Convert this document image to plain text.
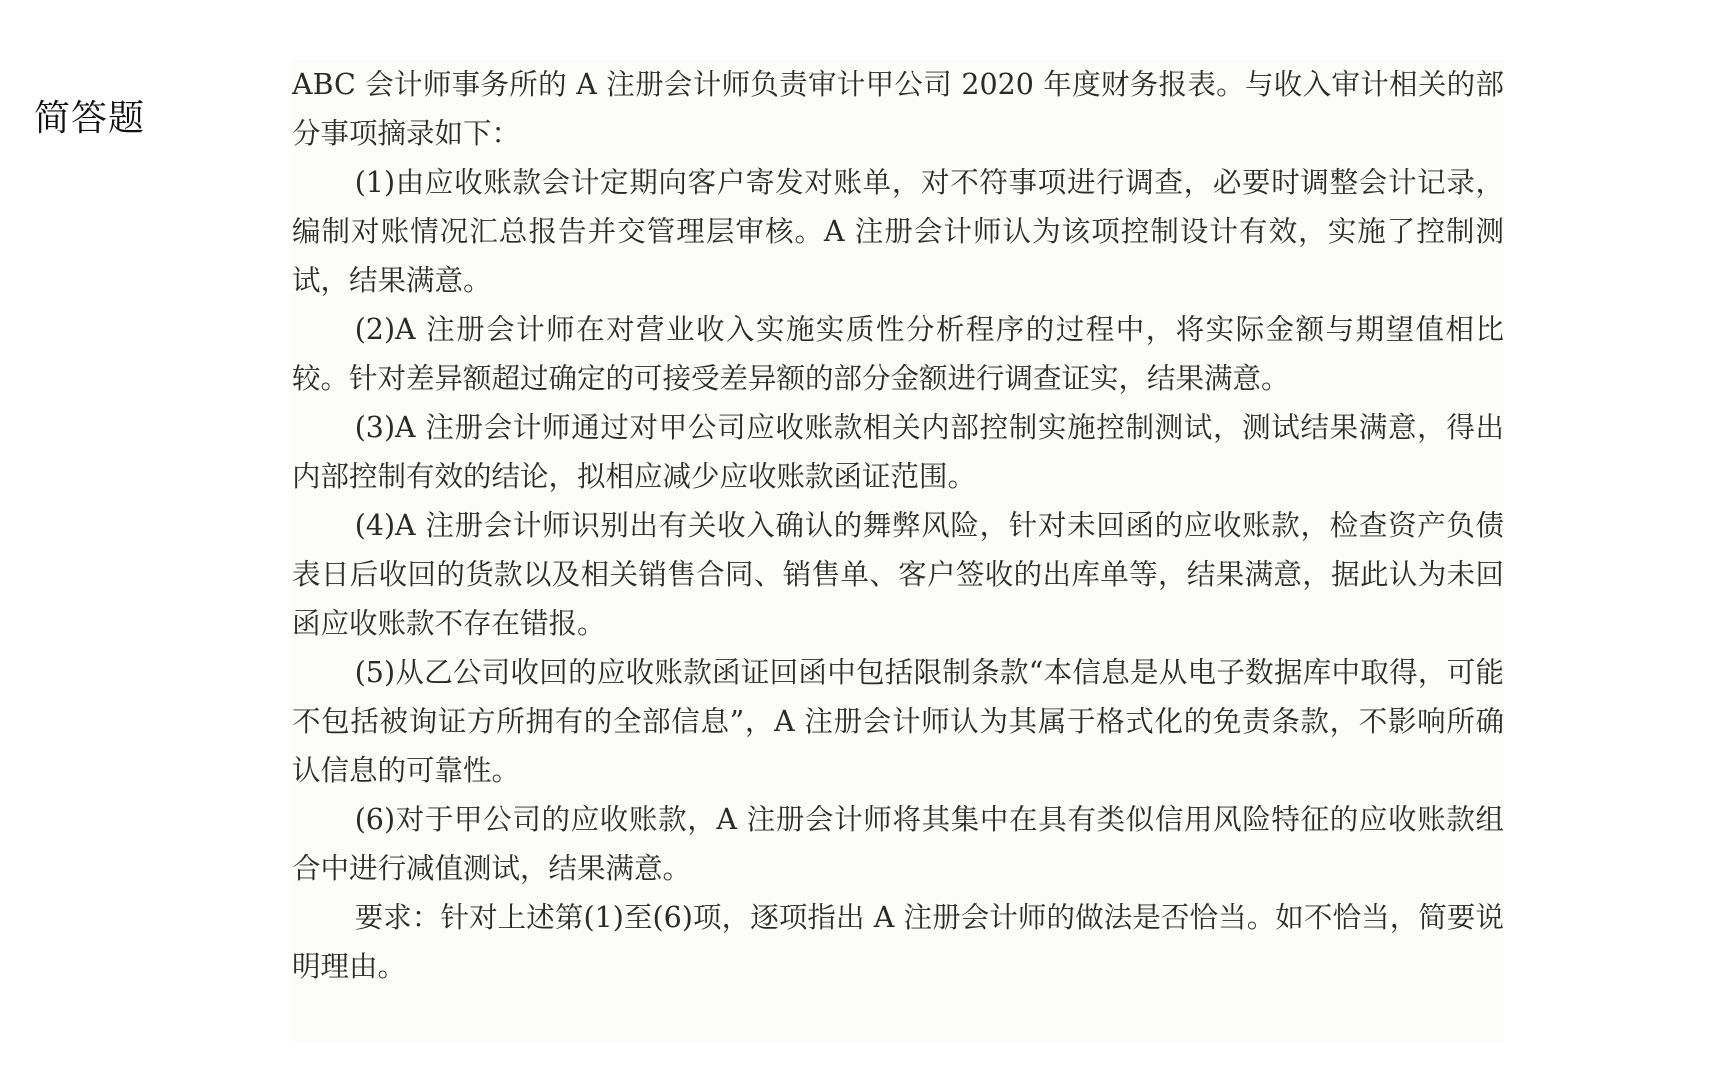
简答题

ABC 会计师事务所的 A 注册会计师负责审计甲公司 2020 年度财务报表。与收入审计相关的部分事项摘录如下：

(1)由应收账款会计定期向客户寄发对账单，对不符事项进行调查，必要时调整会计记录，编制对账情况汇总报告并交管理层审核。A 注册会计师认为该项控制设计有效，实施了控制测试，结果满意。

(2)A 注册会计师在对营业收入实施实质性分析程序的过程中，将实际金额与期望值相比较。针对差异额超过确定的可接受差异额的部分金额进行调查证实，结果满意。

(3)A 注册会计师通过对甲公司应收账款相关内部控制实施控制测试，测试结果满意，得出内部控制有效的结论，拟相应减少应收账款函证范围。

(4)A 注册会计师识别出有关收入确认的舞弊风险，针对未回函的应收账款，检查资产负债表日后收回的货款以及相关销售合同、销售单、客户签收的出库单等，结果满意，据此认为未回函应收账款不存在错报。

(5)从乙公司收回的应收账款函证回函中包括限制条款“本信息是从电子数据库中取得，可能不包括被询证方所拥有的全部信息”，A 注册会计师认为其属于格式化的免责条款，不影响所确认信息的可靠性。

(6)对于甲公司的应收账款，A 注册会计师将其集中在具有类似信用风险特征的应收账款组合中进行减值测试，结果满意。

要求：针对上述第(1)至(6)项，逐项指出 A 注册会计师的做法是否恰当。如不恰当，简要说明理由。
